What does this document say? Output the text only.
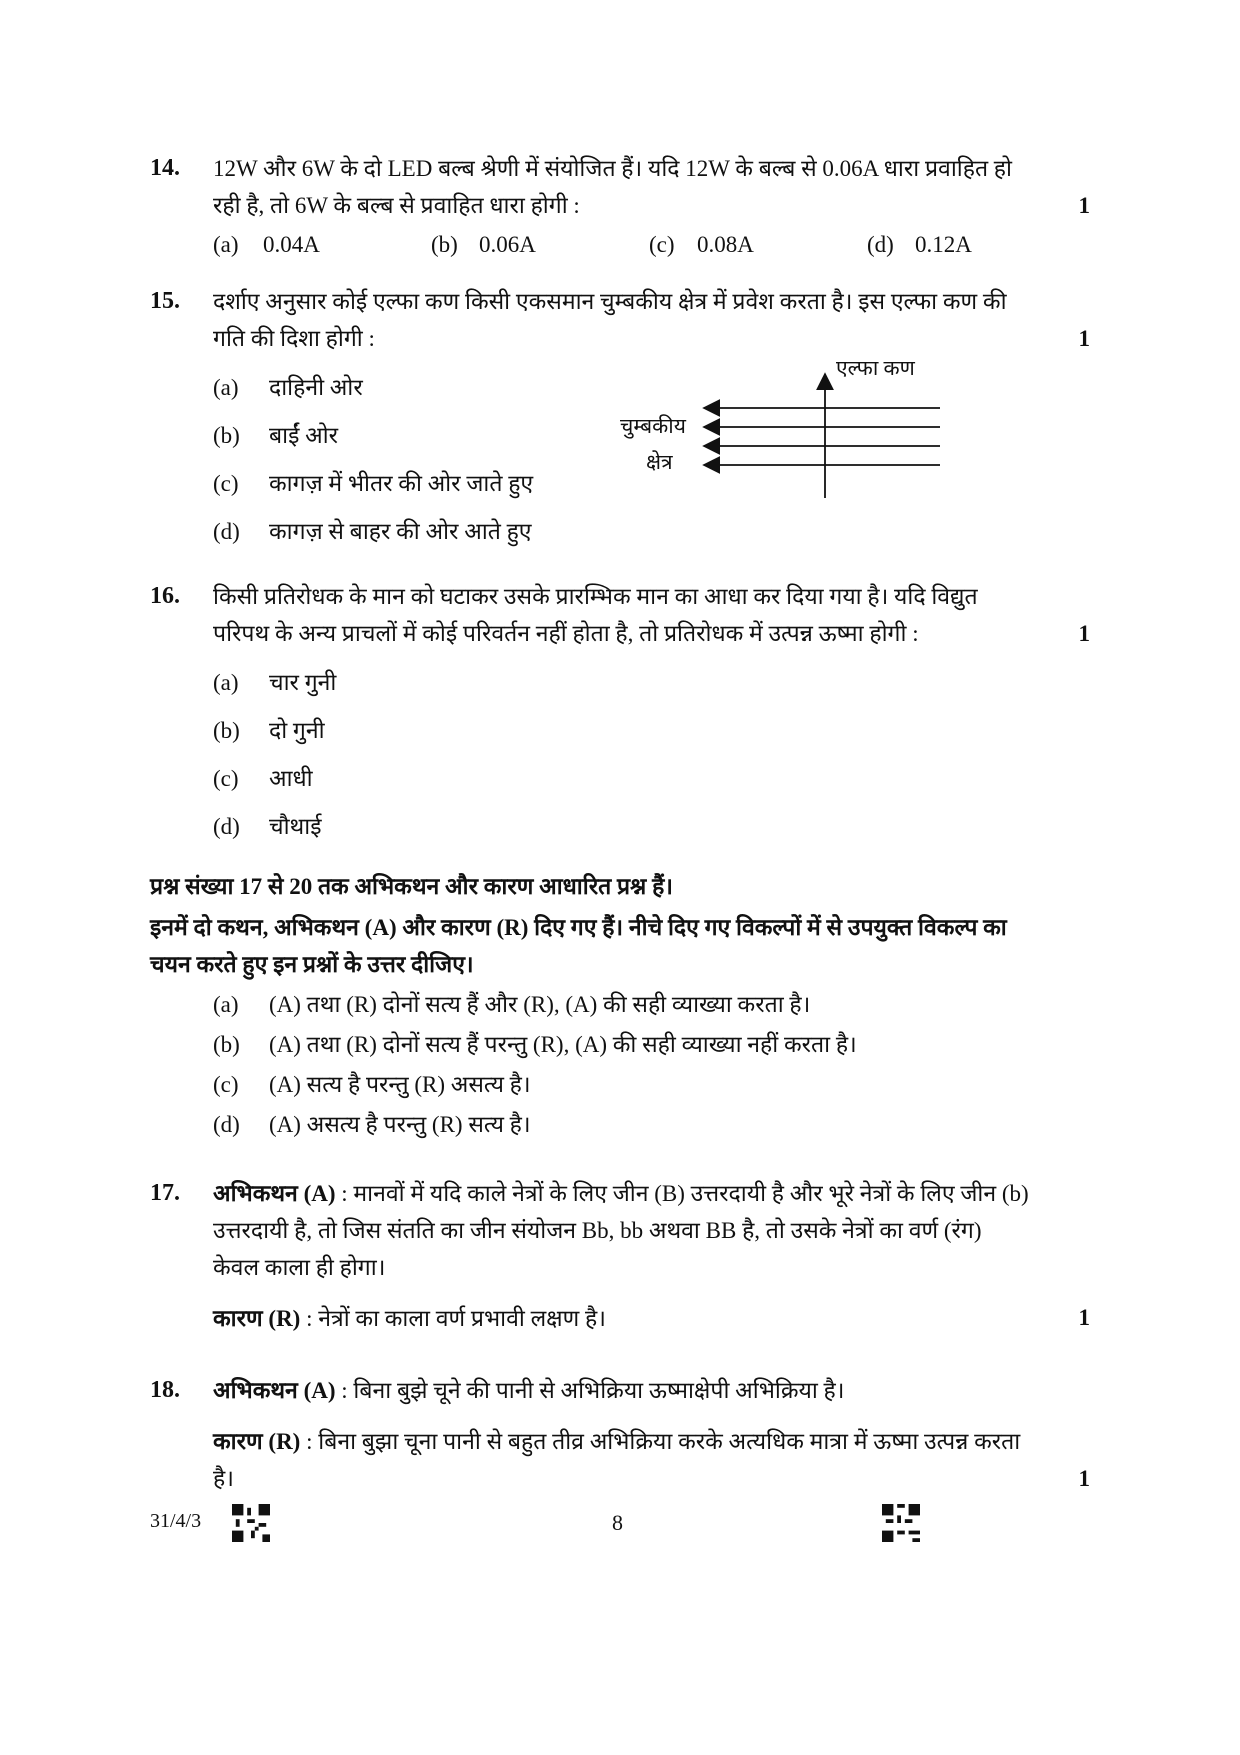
14. 12W और 6W के दो LED बल्ब श्रेणी में संयोजित हैं। यदि 12W के बल्ब से 0.06A धारा प्रवाहित हो रही है, तो 6W के बल्ब से प्रवाहित धारा होगी :	1
(a) 0.04A	(b) 0.06A	(c) 0.08A	(d) 0.12A
15. दर्शाए अनुसार कोई एल्फा कण किसी एकसमान चुम्बकीय क्षेत्र में प्रवेश करता है। इस एल्फा कण की गति की दिशा होगी :	1
(a) दाहिनी ओर
(b) बाईं ओर
(c) कागज़ में भीतर की ओर जाते हुए
(d) कागज़ से बाहर की ओर आते हुए
एल्फा कण
चुम्बकीय
क्षेत्र
16. किसी प्रतिरोधक के मान को घटाकर उसके प्रारम्भिक मान का आधा कर दिया गया है। यदि विद्युत परिपथ के अन्य प्राचलों में कोई परिवर्तन नहीं होता है, तो प्रतिरोधक में उत्पन्न ऊष्मा होगी :	1
(a) चार गुनी
(b) दो गुनी
(c) आधी
(d) चौथाई
प्रश्न संख्या 17 से 20 तक अभिकथन और कारण आधारित प्रश्न हैं।
इनमें दो कथन, अभिकथन (A) और कारण (R) दिए गए हैं। नीचे दिए गए विकल्पों में से उपयुक्त विकल्प का चयन करते हुए इन प्रश्नों के उत्तर दीजिए।
(a) (A) तथा (R) दोनों सत्य हैं और (R), (A) की सही व्याख्या करता है।
(b) (A) तथा (R) दोनों सत्य हैं परन्तु (R), (A) की सही व्याख्या नहीं करता है।
(c) (A) सत्य है परन्तु (R) असत्य है।
(d) (A) असत्य है परन्तु (R) सत्य है।
17. अभिकथन (A) : मानवों में यदि काले नेत्रों के लिए जीन (B) उत्तरदायी है और भूरे नेत्रों के लिए जीन (b) उत्तरदायी है, तो जिस संतति का जीन संयोजन Bb, bb अथवा BB है, तो उसके नेत्रों का वर्ण (रंग) केवल काला ही होगा।
कारण (R) : नेत्रों का काला वर्ण प्रभावी लक्षण है।	1
18. अभिकथन (A) : बिना बुझे चूने की पानी से अभिक्रिया ऊष्माक्षेपी अभिक्रिया है।
कारण (R) : बिना बुझा चूना पानी से बहुत तीव्र अभिक्रिया करके अत्यधिक मात्रा में ऊष्मा उत्पन्न करता है।	1
31/4/3	8
